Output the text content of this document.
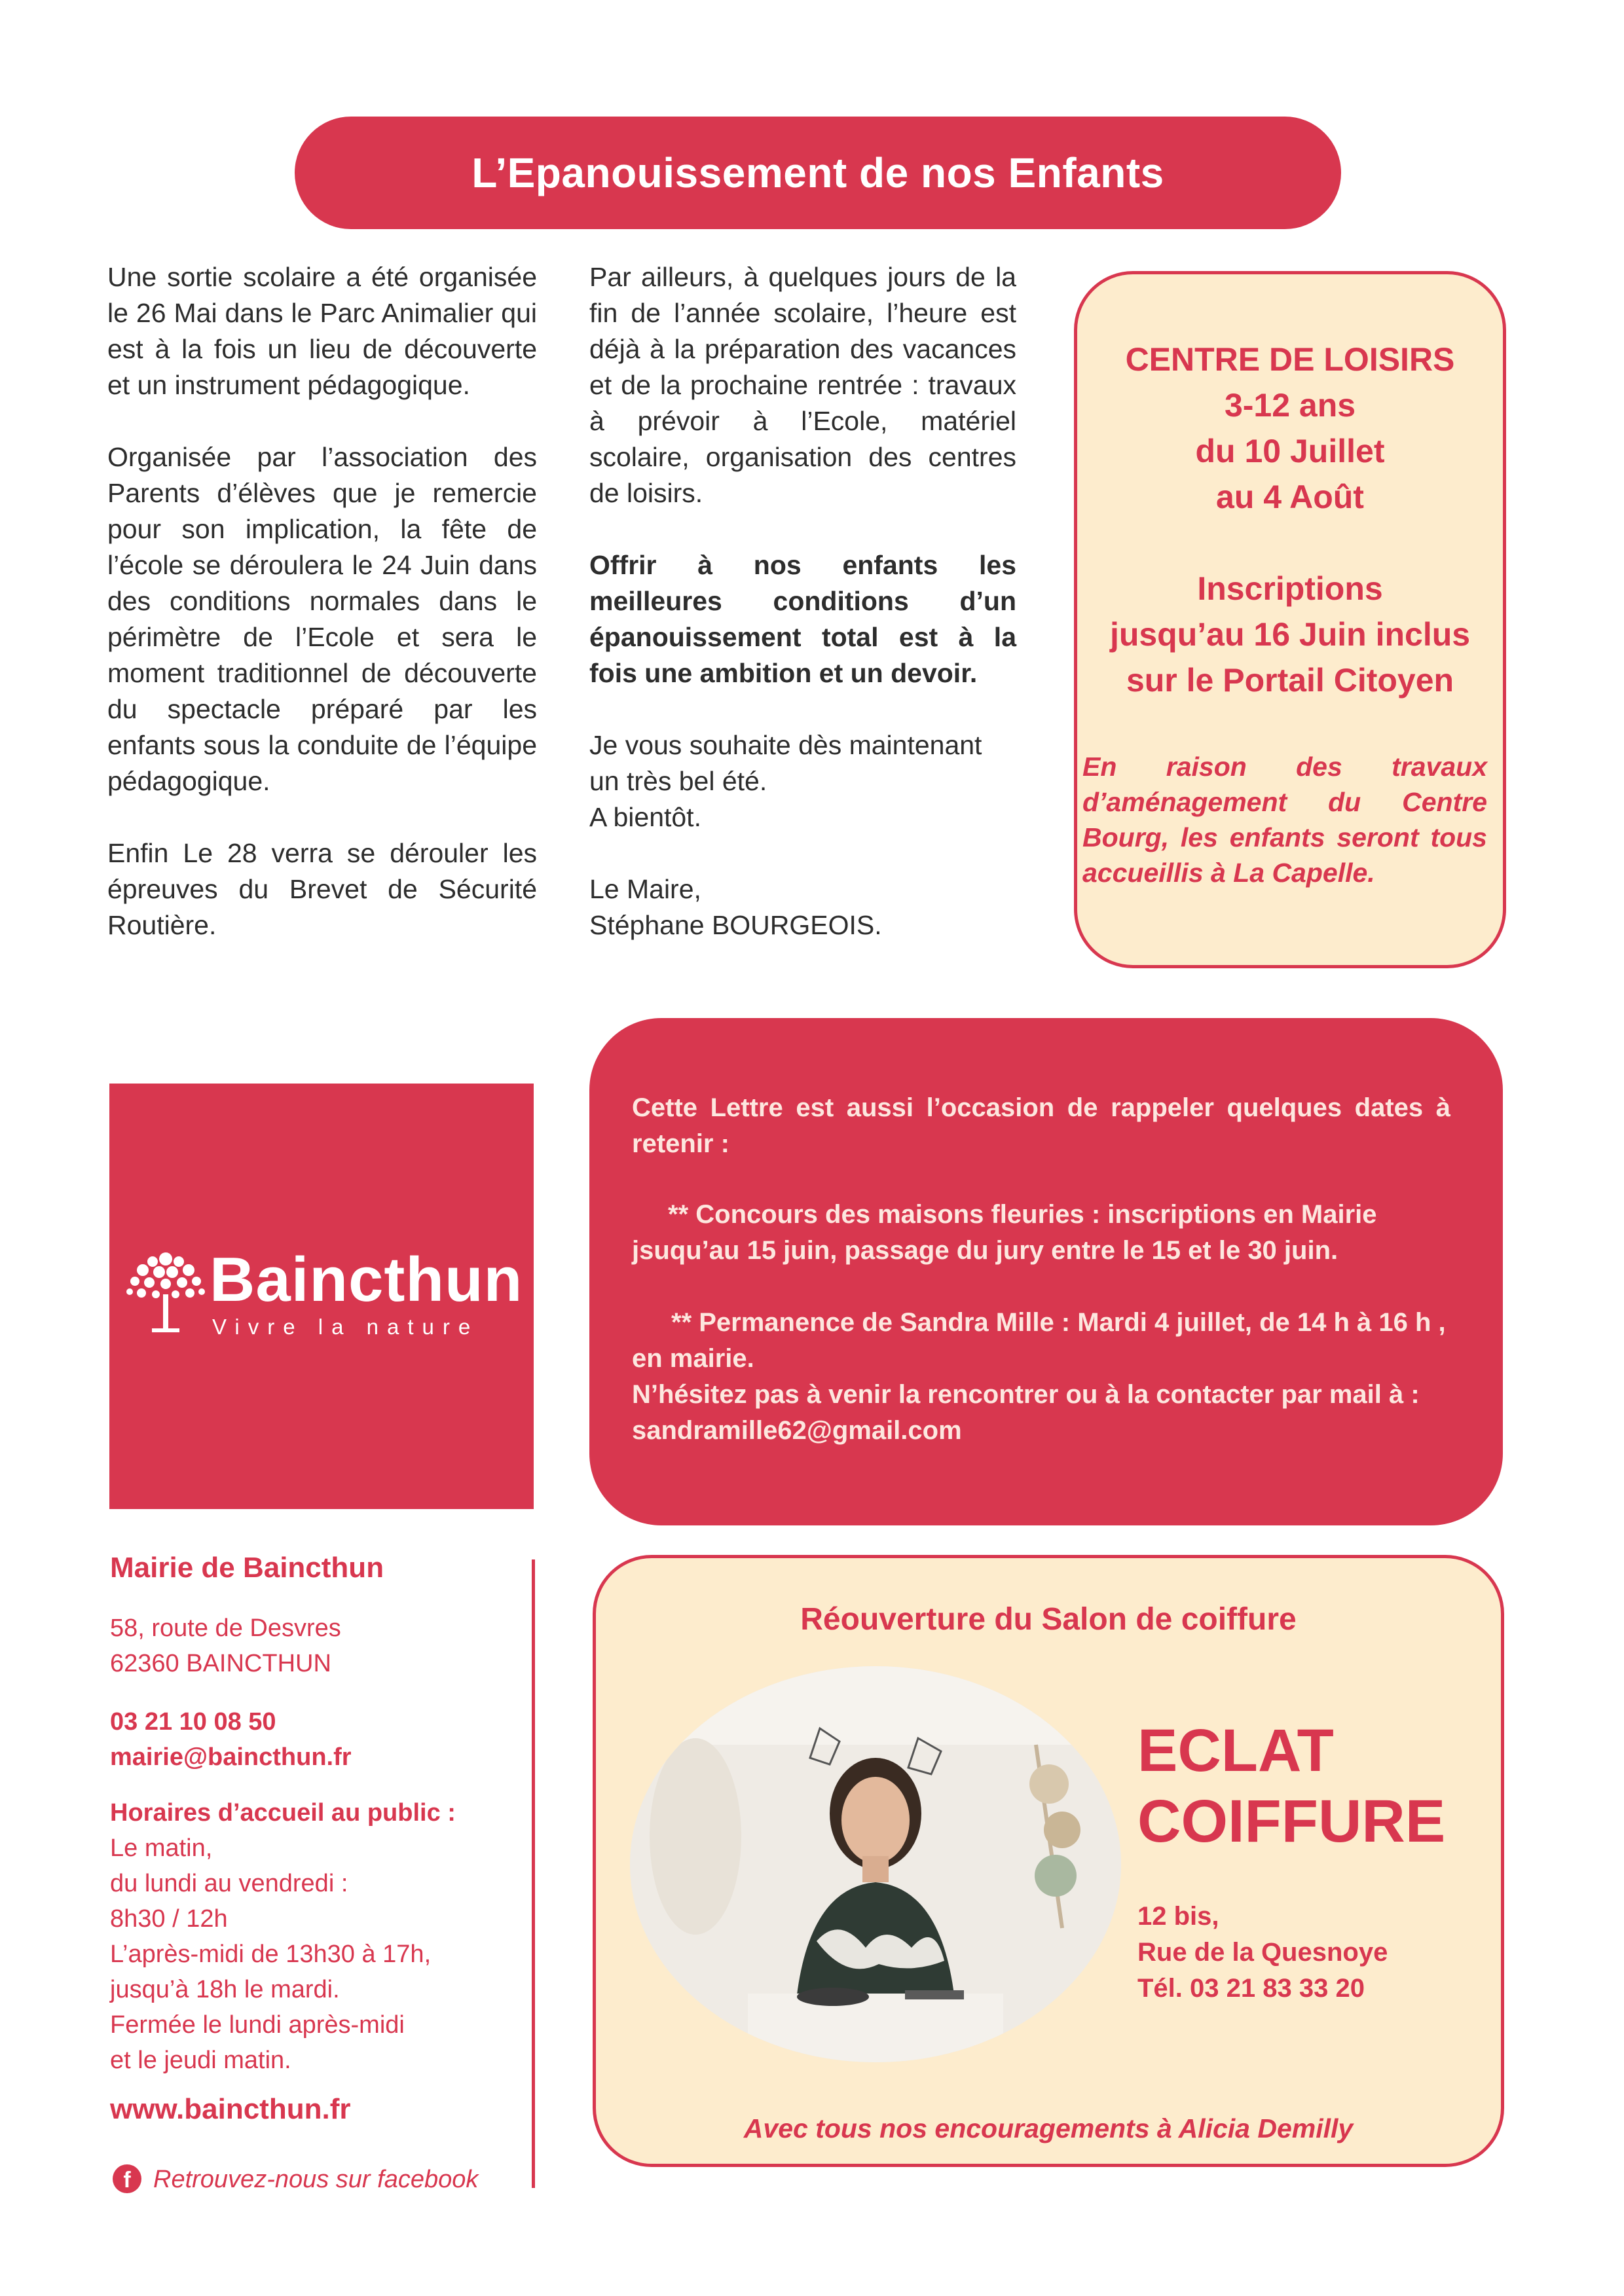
L’Epanouissement de nos Enfants

Une sortie scolaire a été organisée le 26 Mai dans le Parc Animalier qui est à la fois un lieu de découverte et un instrument pédagogique.

Organisée par l’association des Parents d’élèves que je remercie pour son implication, la fête de l’école se déroulera le 24 Juin dans des conditions normales dans le périmètre de l’Ecole et sera le moment traditionnel de découverte du spectacle préparé par les enfants sous la conduite de l’équipe pédagogique.

Enfin Le 28 verra se dérouler les épreuves du Brevet de Sécurité Routière.

Par ailleurs, à quelques jours de la fin de l’année scolaire, l’heure est déjà à la préparation des vacances et de la prochaine rentrée : travaux à prévoir à l’Ecole, matériel scolaire, organisation des centres de loisirs.

Offrir à nos enfants les meilleures conditions d’un épanouissement total est à la fois une ambition et un devoir.

Je vous souhaite dès maintenant un très bel été.

A bientôt.

Le Maire,

Stéphane BOURGEOIS.

CENTRE DE LOISIRS
3-12 ans
du 10 Juillet
au 4 Août
Inscriptions
jusqu’au 16 Juin inclus
sur le Portail Citoyen
En raison des travaux d’aménagement du Centre Bourg, les enfants seront tous accueillis à La Capelle.
Baincthun
Vivre la nature
Cette Lettre est aussi l’occasion de rappeler quelques dates à retenir :
** Concours des maisons fleuries : inscriptions en Mairie jsuqu’au 15 juin, passage du jury entre le 15 et le 30 juin.
** Permanence de Sandra Mille : Mardi 4 juillet, de 14 h à 16 h , en mairie.
N’hésitez pas à venir la rencontrer ou à la contacter par mail à : sandramille62@gmail.com
Mairie de Baincthun
58, route de Desvres
62360 BAINCTHUN
03 21 10 08 50
mairie@baincthun.fr
Horaires d’accueil au public :
Le matin,
du lundi au vendredi :
8h30 / 12h
L’après-midi de 13h30 à 17h,
jusqu’à 18h le mardi.
Fermée le lundi après-midi
et le jeudi matin.
www.baincthun.fr
f Retrouvez-nous sur facebook
Réouverture du Salon de coiffure
ECLAT
COIFFURE
12 bis,
Rue de la Quesnoye
Tél. 03 21 83 33 20
Avec tous nos encouragements à Alicia Demilly
